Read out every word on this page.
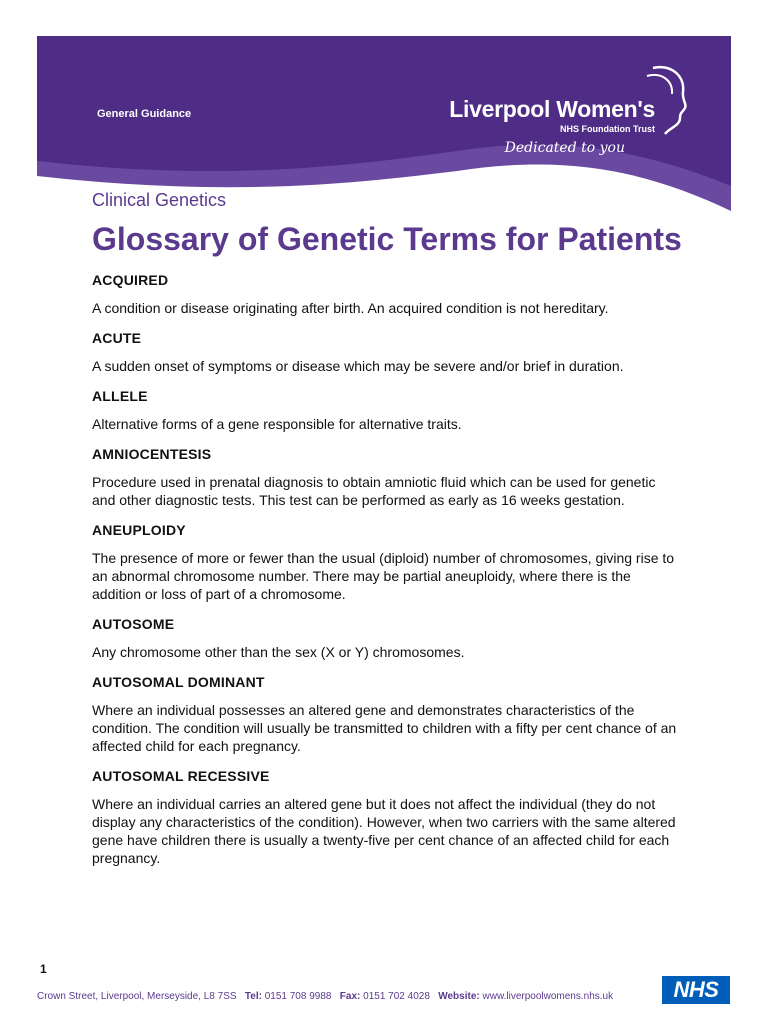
General Guidance	Liverpool Women's
NHS Foundation Trust
Dedicated to you
Clinical Genetics
Glossary of Genetic Terms for Patients
ACQUIRED
A condition or disease originating after birth. An acquired condition is not hereditary.
ACUTE
A sudden onset of symptoms or disease which may be severe and/or brief in duration.
ALLELE
Alternative forms of a gene responsible for alternative traits.
AMNIOCENTESIS
Procedure used in prenatal diagnosis to obtain amniotic fluid which can be used for genetic and other diagnostic tests. This test can be performed as early as 16 weeks gestation.
ANEUPLOIDY
The presence of more or fewer than the usual (diploid) number of chromosomes, giving rise to an abnormal chromosome number. There may be partial aneuploidy, where there is the addition or loss of part of a chromosome.
AUTOSOME
Any chromosome other than the sex (X or Y) chromosomes.
AUTOSOMAL DOMINANT
Where an individual possesses an altered gene and demonstrates characteristics of the condition. The condition will usually be transmitted to children with a fifty per cent chance of an affected child for each pregnancy.
AUTOSOMAL RECESSIVE
Where an individual carries an altered gene but it does not affect the individual (they do not display any characteristics of the condition). However, when two carriers with the same altered gene have children there is usually a twenty-five per cent chance of an affected child for each pregnancy.
1
Crown Street, Liverpool, Merseyside, L8 7SS Tel: 0151 708 9988 Fax: 0151 702 4028 Website: www.liverpoolwomens.nhs.uk	NHS
